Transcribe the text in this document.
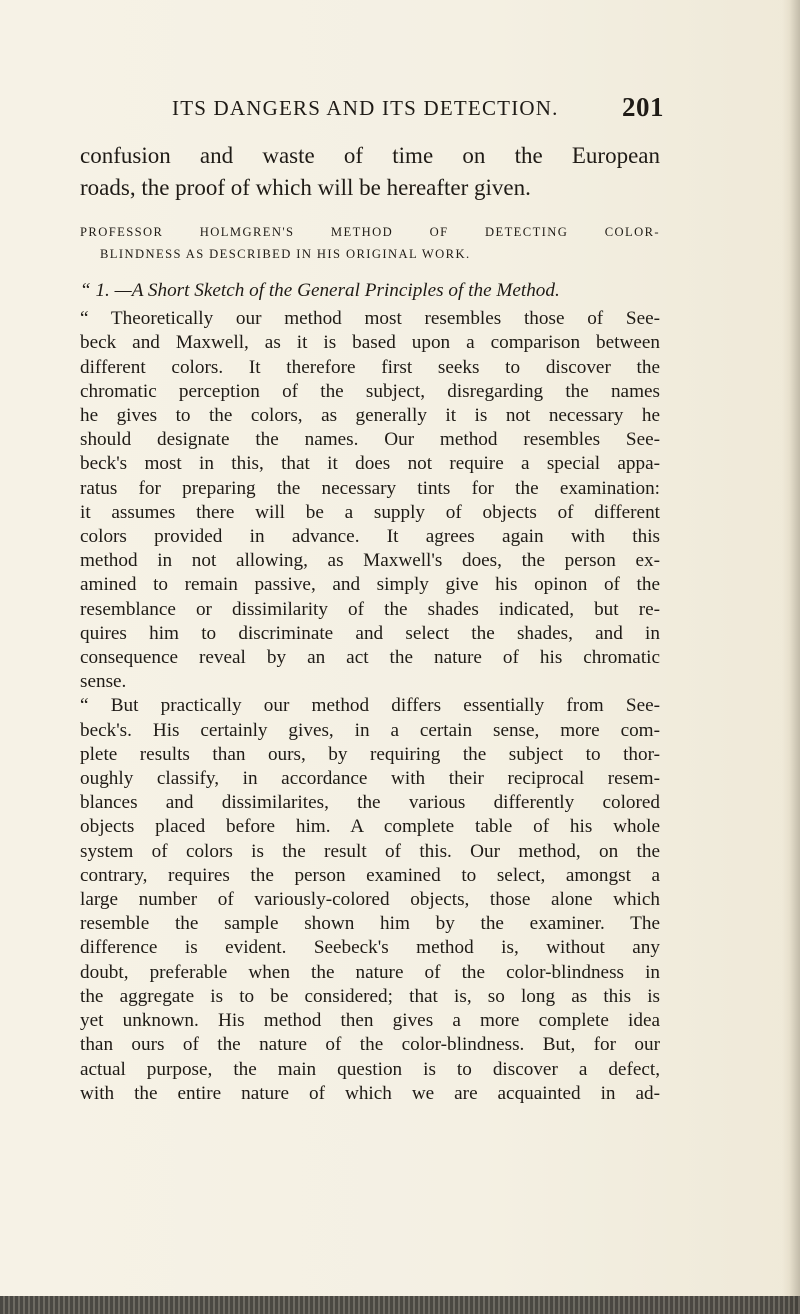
ITS DANGERS AND ITS DETECTION. 201
confusion and waste of time on the European
roads, the proof of which will be hereafter given.
PROFESSOR HOLMGREN'S METHOD OF DETECTING COLOR-
BLINDNESS AS DESCRIBED IN HIS ORIGINAL WORK.
“ 1. —A Short Sketch of the General Principles of the Method.
“ Theoretically our method most resembles those of See-
beck and Maxwell, as it is based upon a comparison between
different colors. It therefore first seeks to discover the
chromatic perception of the subject, disregarding the names
he gives to the colors, as generally it is not necessary he
should designate the names. Our method resembles See-
beck's most in this, that it does not require a special appa-
ratus for preparing the necessary tints for the examination:
it assumes there will be a supply of objects of different
colors provided in advance. It agrees again with this
method in not allowing, as Maxwell's does, the person ex-
amined to remain passive, and simply give his opinon of the
resemblance or dissimilarity of the shades indicated, but re-
quires him to discriminate and select the shades, and in
consequence reveal by an act the nature of his chromatic
sense.
“ But practically our method differs essentially from See-
beck's. His certainly gives, in a certain sense, more com-
plete results than ours, by requiring the subject to thor-
oughly classify, in accordance with their reciprocal resem-
blances and dissimilarites, the various differently colored
objects placed before him. A complete table of his whole
system of colors is the result of this. Our method, on the
contrary, requires the person examined to select, amongst a
large number of variously-colored objects, those alone which
resemble the sample shown him by the examiner. The
difference is evident. Seebeck's method is, without any
doubt, preferable when the nature of the color-blindness in
the aggregate is to be considered; that is, so long as this is
yet unknown. His method then gives a more complete idea
than ours of the nature of the color-blindness. But, for our
actual purpose, the main question is to discover a defect,
with the entire nature of which we are acquainted in ad-
